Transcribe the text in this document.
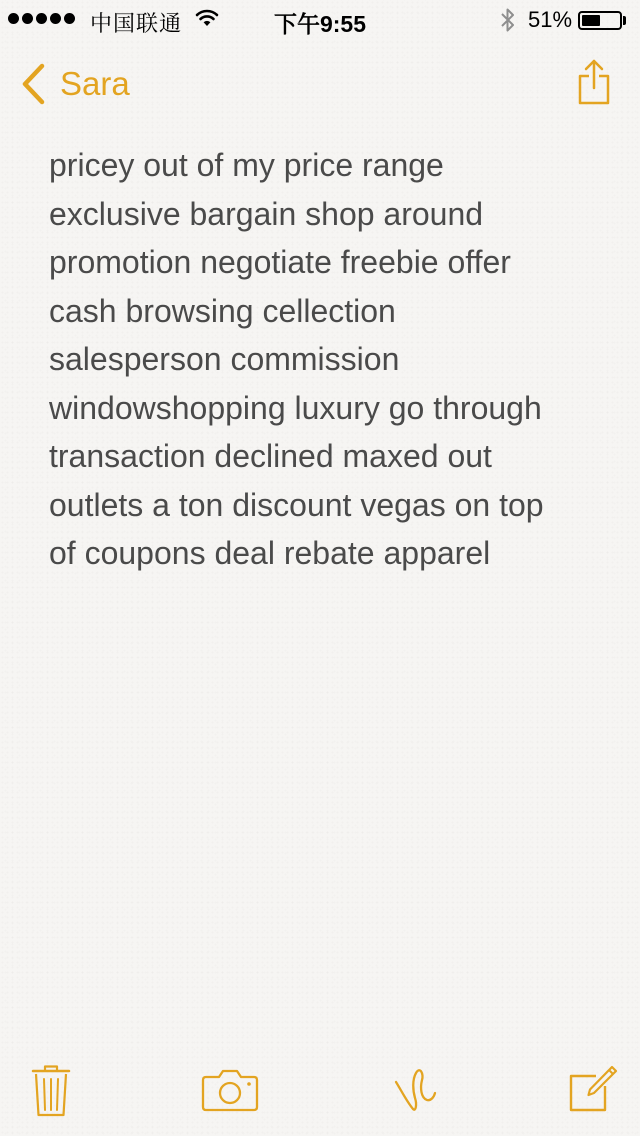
中国联通	下午9:55	51%
Sara
pricey out of my price range
exclusive bargain shop around
promotion negotiate freebie offer
cash browsing cellection
salesperson commission
windowshopping luxury go through
transaction declined maxed out
outlets a ton discount vegas on top
of coupons deal rebate apparel
